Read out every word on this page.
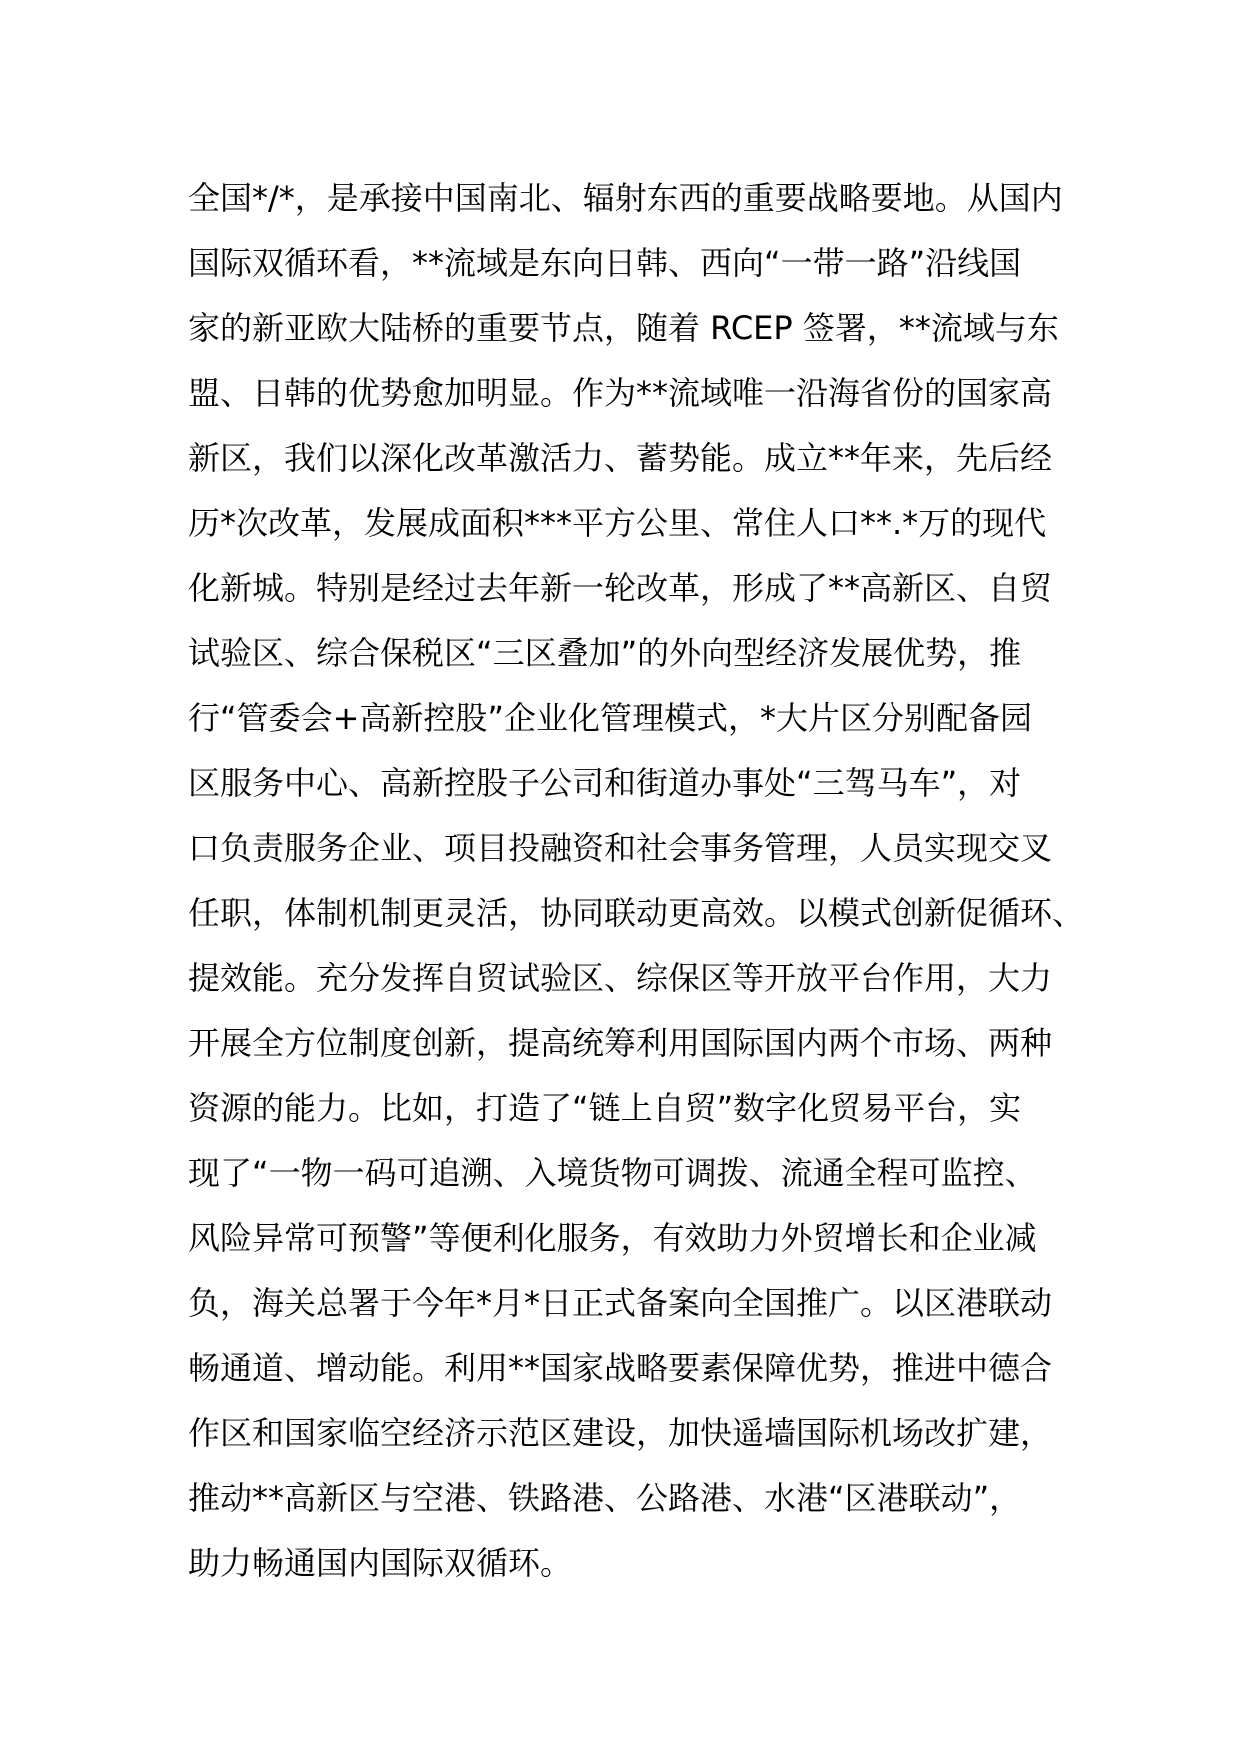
全国*/*，是承接中国南北、辐射东西的重要战略要地。从国内
国际双循环看，**流域是东向日韩、西向“一带一路”沿线国
家的新亚欧大陆桥的重要节点，随着 RCEP 签署，**流域与东
盟、日韩的优势愈加明显。作为**流域唯一沿海省份的国家高
新区，我们以深化改革激活力、蓄势能。成立**年来，先后经
历*次改革，发展成面积***平方公里、常住人口**.*万的现代
化新城。特别是经过去年新一轮改革，形成了**高新区、自贸
试验区、综合保税区“三区叠加”的外向型经济发展优势，推
行“管委会+高新控股”企业化管理模式，*大片区分别配备园
区服务中心、高新控股子公司和街道办事处“三驾马车”，对
口负责服务企业、项目投融资和社会事务管理，人员实现交叉
任职，体制机制更灵活，协同联动更高效。以模式创新促循环、
提效能。充分发挥自贸试验区、综保区等开放平台作用，大力
开展全方位制度创新，提高统筹利用国际国内两个市场、两种
资源的能力。比如，打造了“链上自贸”数字化贸易平台，实
现了“一物一码可追溯、入境货物可调拨、流通全程可监控、
风险异常可预警”等便利化服务，有效助力外贸增长和企业减
负，海关总署于今年*月*日正式备案向全国推广。以区港联动
畅通道、增动能。利用**国家战略要素保障优势，推进中德合
作区和国家临空经济示范区建设，加快遥墙国际机场改扩建，
推动**高新区与空港、铁路港、公路港、水港“区港联动”，
助力畅通国内国际双循环。
